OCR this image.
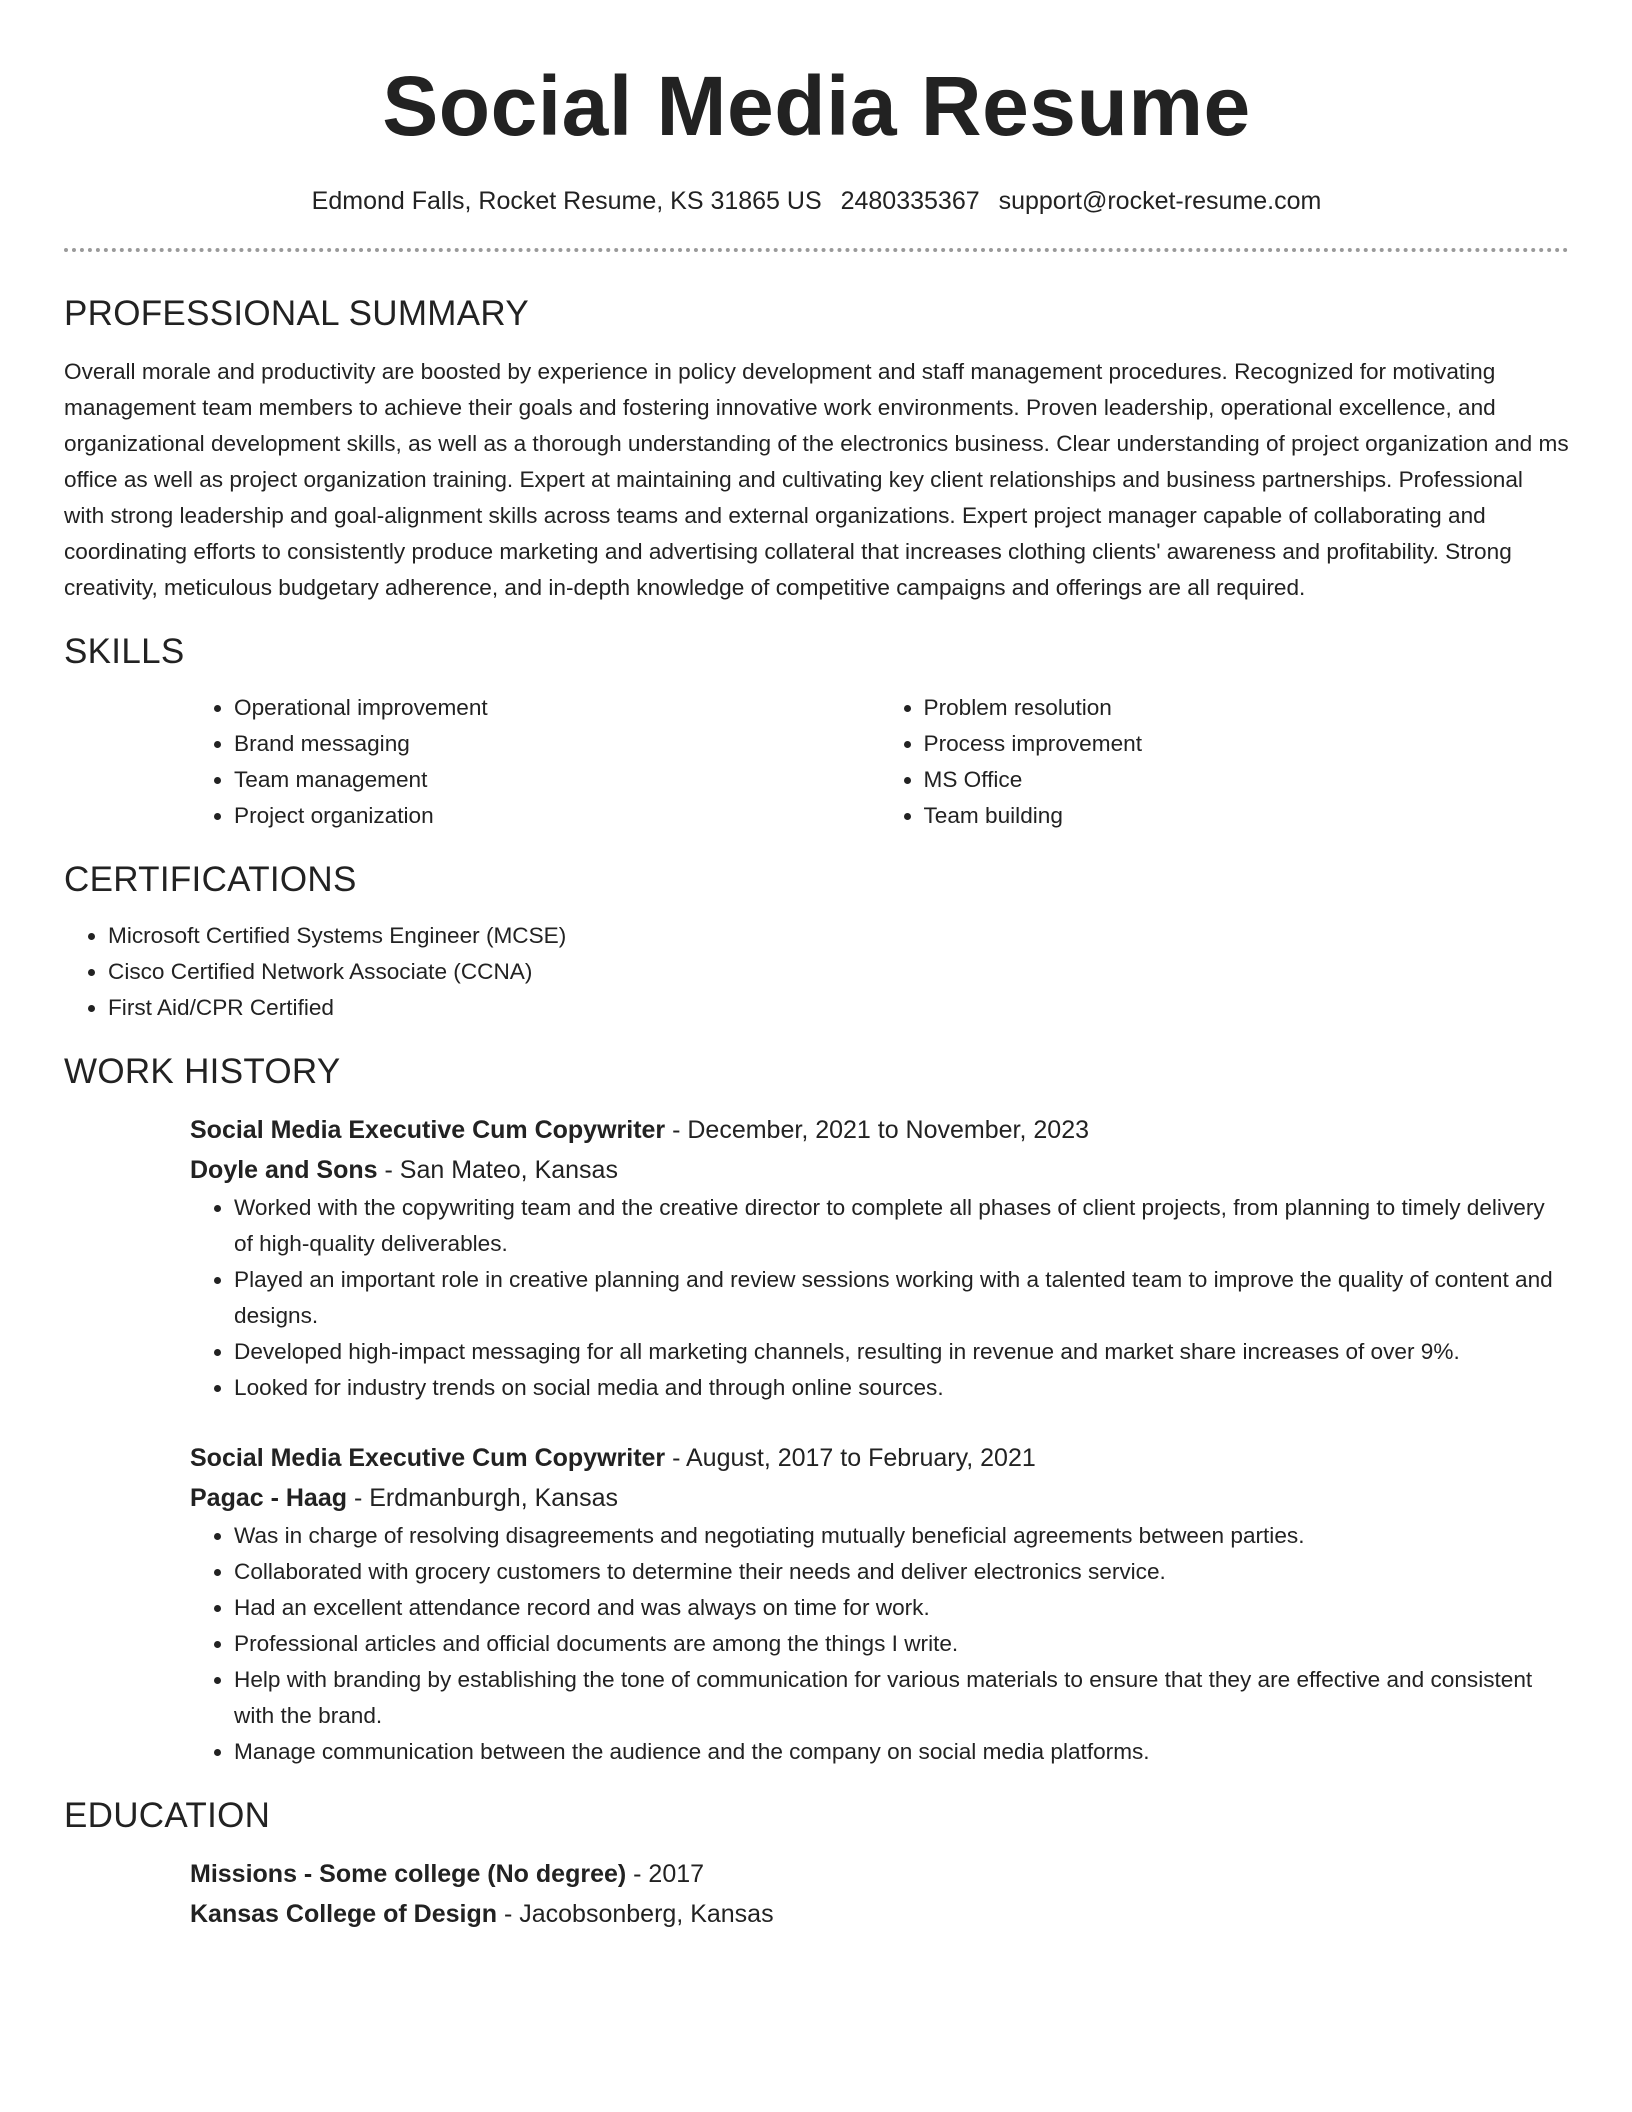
Social Media Resume
Edmond Falls, Rocket Resume, KS 31865 US 2480335367 support@rocket-resume.com
PROFESSIONAL SUMMARY

Overall morale and productivity are boosted by experience in policy development and staff management procedures. Recognized for motivating management team members to achieve their goals and fostering innovative work environments. Proven leadership, operational excellence, and organizational development skills, as well as a thorough understanding of the electronics business. Clear understanding of project organization and ms office as well as project organization training. Expert at maintaining and cultivating key client relationships and business partnerships. Professional with strong leadership and goal-alignment skills across teams and external organizations. Expert project manager capable of collaborating and coordinating efforts to consistently produce marketing and advertising collateral that increases clothing clients' awareness and profitability. Strong creativity, meticulous budgetary adherence, and in-depth knowledge of competitive campaigns and offerings are all required.

SKILLS
• Operational improvement
• Brand messaging
• Team management
• Project organization
• Problem resolution
• Process improvement
• MS Office
• Team building
CERTIFICATIONS
• Microsoft Certified Systems Engineer (MCSE)
• Cisco Certified Network Associate (CCNA)
• First Aid/CPR Certified
WORK HISTORY
Social Media Executive Cum Copywriter - December, 2021 to November, 2023
Doyle and Sons - San Mateo, Kansas
• Worked with the copywriting team and the creative director to complete all phases of client projects, from planning to timely delivery of high-quality deliverables.
• Played an important role in creative planning and review sessions working with a talented team to improve the quality of content and designs.
• Developed high-impact messaging for all marketing channels, resulting in revenue and market share increases of over 9%.
• Looked for industry trends on social media and through online sources.
Social Media Executive Cum Copywriter - August, 2017 to February, 2021
Pagac - Haag - Erdmanburgh, Kansas
• Was in charge of resolving disagreements and negotiating mutually beneficial agreements between parties.
• Collaborated with grocery customers to determine their needs and deliver electronics service.
• Had an excellent attendance record and was always on time for work.
• Professional articles and official documents are among the things I write.
• Help with branding by establishing the tone of communication for various materials to ensure that they are effective and consistent with the brand.
• Manage communication between the audience and the company on social media platforms.
EDUCATION
Missions - Some college (No degree) - 2017
Kansas College of Design - Jacobsonberg, Kansas
